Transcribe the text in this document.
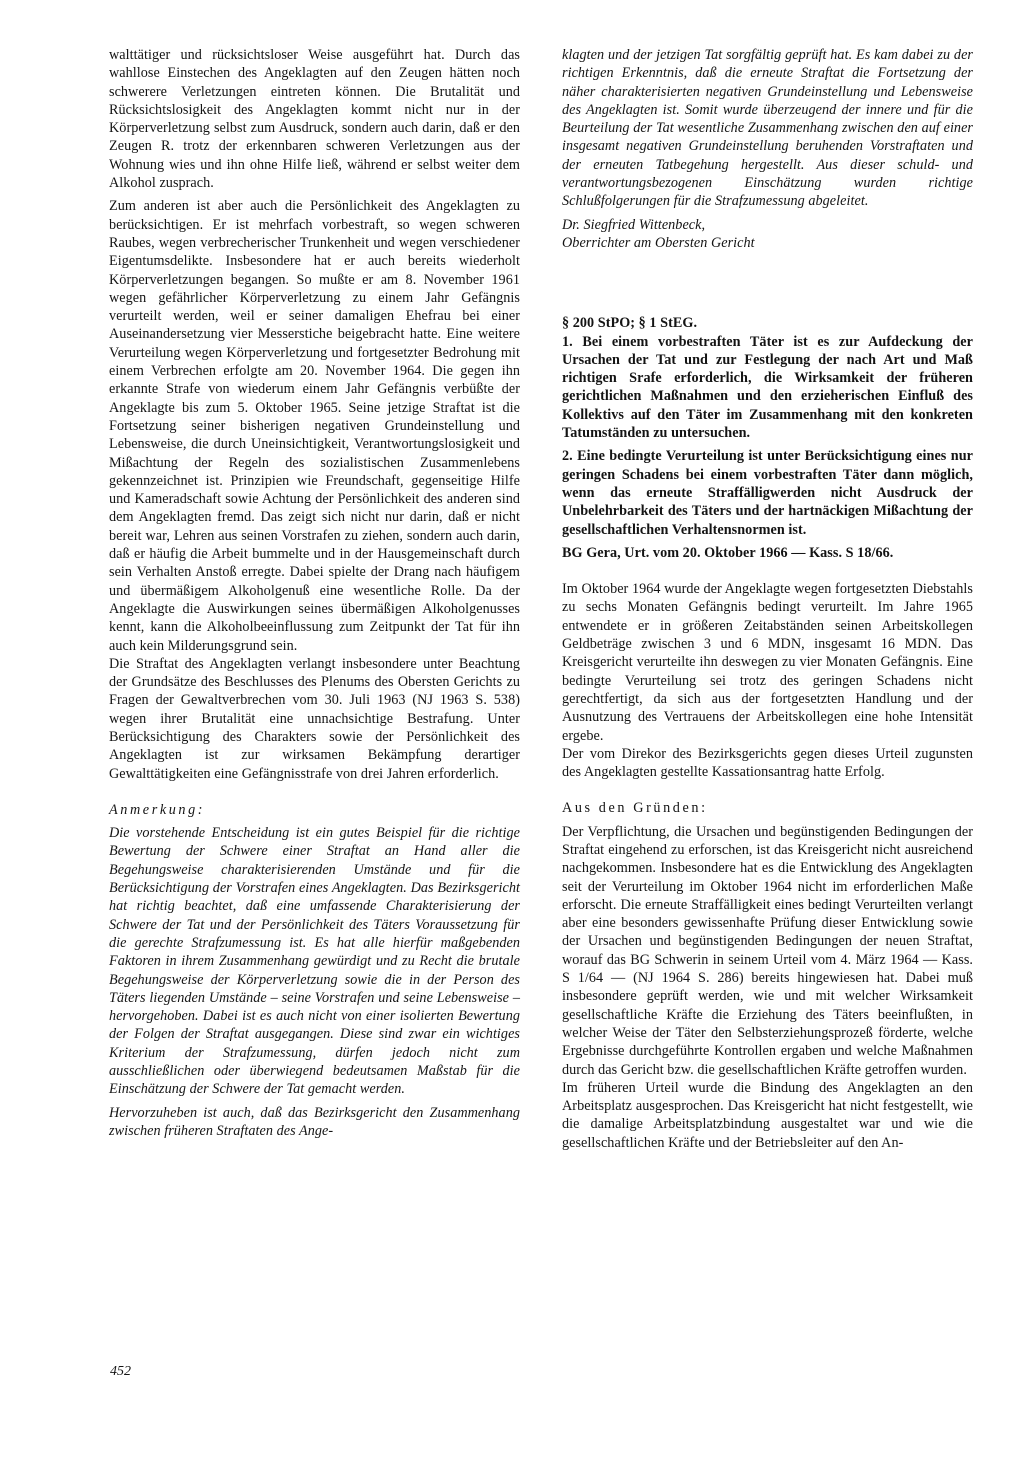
walttätiger und rücksichtsloser Weise ausgeführt hat. Durch das wahllose Einstechen des Angeklagten auf den Zeugen hätten noch schwerere Verletzungen eintreten können. Die Brutalität und Rücksichtslosigkeit des Angeklagten kommt nicht nur in der Körperverletzung selbst zum Ausdruck, sondern auch darin, daß er den Zeugen R. trotz der erkennbaren schweren Verletzungen aus der Wohnung wies und ihn ohne Hilfe ließ, während er selbst weiter dem Alkohol zusprach.

Zum anderen ist aber auch die Persönlichkeit des Angeklagten zu berücksichtigen. Er ist mehrfach vorbestraft, so wegen schweren Raubes, wegen verbrecherischer Trunkenheit und wegen verschiedener Eigentumsdelikte. Insbesondere hat er auch bereits wiederholt Körperverletzungen begangen. So mußte er am 8. November 1961 wegen gefährlicher Körperverletzung zu einem Jahr Gefängnis verurteilt werden, weil er seiner damaligen Ehefrau bei einer Auseinandersetzung vier Messerstiche beigebracht hatte. Eine weitere Verurteilung wegen Körperverletzung und fortgesetzter Bedrohung mit einem Verbrechen erfolgte am 20. November 1964. Die gegen ihn erkannte Strafe von wiederum einem Jahr Gefängnis verbüßte der Angeklagte bis zum 5. Oktober 1965. Seine jetzige Straftat ist die Fortsetzung seiner bisherigen negativen Grundeinstellung und Lebensweise, die durch Uneinsichtigkeit, Verantwortungslosigkeit und Mißachtung der Regeln des sozialistischen Zusammenlebens gekennzeichnet ist. Prinzipien wie Freundschaft, gegenseitige Hilfe und Kameradschaft sowie Achtung der Persönlichkeit des anderen sind dem Angeklagten fremd. Das zeigt sich nicht nur darin, daß er nicht bereit war, Lehren aus seinen Vorstrafen zu ziehen, sondern auch darin, daß er häufig die Arbeit bummelte und in der Hausgemeinschaft durch sein Verhalten Anstoß erregte. Dabei spielte der Drang nach häufigem und übermäßigem Alkoholgenuß eine wesentliche Rolle. Da der Angeklagte die Auswirkungen seines übermäßigen Alkoholgenusses kennt, kann die Alkoholbeeinflussung zum Zeitpunkt der Tat für ihn auch kein Milderungsgrund sein.

Die Straftat des Angeklagten verlangt insbesondere unter Beachtung der Grundsätze des Beschlusses des Plenums des Obersten Gerichts zu Fragen der Gewaltverbrechen vom 30. Juli 1963 (NJ 1963 S. 538) wegen ihrer Brutalität eine unnachsichtige Bestrafung. Unter Berücksichtigung des Charakters sowie der Persönlichkeit des Angeklagten ist zur wirksamen Bekämpfung derartiger Gewalttätigkeiten eine Gefängnisstrafe von drei Jahren erforderlich.

Anmerkung:

Die vorstehende Entscheidung ist ein gutes Beispiel für die richtige Bewertung der Schwere einer Straftat an Hand aller die Begehungsweise charakterisierenden Umstände und für die Berücksichtigung der Vorstrafen eines Angeklagten. Das Bezirksgericht hat richtig beachtet, daß eine umfassende Charakterisierung der Schwere der Tat und der Persönlichkeit des Täters Voraussetzung für die gerechte Strafzumessung ist. Es hat alle hierfür maßgebenden Faktoren in ihrem Zusammenhang gewürdigt und zu Recht die brutale Begehungsweise der Körperverletzung sowie die in der Person des Täters liegenden Umstände – seine Vorstrafen und seine Lebensweise – hervorgehoben. Dabei ist es auch nicht von einer isolierten Bewertung der Folgen der Straftat ausgegangen. Diese sind zwar ein wichtiges Kriterium der Strafzumessung, dürfen jedoch nicht zum ausschließlichen oder überwiegend bedeutsamen Maßstab für die Einschätzung der Schwere der Tat gemacht werden.

Hervorzuheben ist auch, daß das Bezirksgericht den Zusammenhang zwischen früheren Straftaten des Ange-

klagten und der jetzigen Tat sorgfältig geprüft hat. Es kam dabei zu der richtigen Erkenntnis, daß die erneute Straftat die Fortsetzung der näher charakterisierten negativen Grundeinstellung und Lebensweise des Angeklagten ist. Somit wurde überzeugend der innere und für die Beurteilung der Tat wesentliche Zusammenhang zwischen den auf einer insgesamt negativen Grundeinstellung beruhenden Vorstraftaten und der erneuten Tatbegehung hergestellt. Aus dieser schuld- und verantwortungsbezogenen Einschätzung wurden richtige Schlußfolgerungen für die Strafzumessung abgeleitet.

Dr. Siegfried Wittenbeck,

Oberrichter am Obersten Gericht

§ 200 StPO; § 1 StEG.

1. Bei einem vorbestraften Täter ist es zur Aufdeckung der Ursachen der Tat und zur Festlegung der nach Art und Maß richtigen Srafe erforderlich, die Wirksamkeit der früheren gerichtlichen Maßnahmen und den erzieherischen Einfluß des Kollektivs auf den Täter im Zusammenhang mit den konkreten Tatumständen zu untersuchen.

2. Eine bedingte Verurteilung ist unter Berücksichtigung eines nur geringen Schadens bei einem vorbestraften Täter dann möglich, wenn das erneute Straffälligwerden nicht Ausdruck der Unbelehrbarkeit des Täters und der hartnäckigen Mißachtung der gesellschaftlichen Verhaltensnormen ist.

BG Gera, Urt. vom 20. Oktober 1966 — Kass. S 18/66.

Im Oktober 1964 wurde der Angeklagte wegen fortgesetzten Diebstahls zu sechs Monaten Gefängnis bedingt verurteilt. Im Jahre 1965 entwendete er in größeren Zeitabständen seinen Arbeitskollegen Geldbeträge zwischen 3 und 6 MDN, insgesamt 16 MDN. Das Kreisgericht verurteilte ihn deswegen zu vier Monaten Gefängnis. Eine bedingte Verurteilung sei trotz des geringen Schadens nicht gerechtfertigt, da sich aus der fortgesetzten Handlung und der Ausnutzung des Vertrauens der Arbeitskollegen eine hohe Intensität ergebe.

Der vom Direkor des Bezirksgerichts gegen dieses Urteil zugunsten des Angeklagten gestellte Kassationsantrag hatte Erfolg.

Aus den Gründen:

Der Verpflichtung, die Ursachen und begünstigenden Bedingungen der Straftat eingehend zu erforschen, ist das Kreisgericht nicht ausreichend nachgekommen. Insbesondere hat es die Entwicklung des Angeklagten seit der Verurteilung im Oktober 1964 nicht im erforderlichen Maße erforscht. Die erneute Straffälligkeit eines bedingt Verurteilten verlangt aber eine besonders gewissenhafte Prüfung dieser Entwicklung sowie der Ursachen und begünstigenden Bedingungen der neuen Straftat, worauf das BG Schwerin in seinem Urteil vom 4. März 1964 — Kass. S 1/64 — (NJ 1964 S. 286) bereits hingewiesen hat. Dabei muß insbesondere geprüft werden, wie und mit welcher Wirksamkeit gesellschaftliche Kräfte die Erziehung des Täters beeinflußten, in welcher Weise der Täter den Selbsterziehungsprozeß förderte, welche Ergebnisse durchgeführte Kontrollen ergaben und welche Maßnahmen durch das Gericht bzw. die gesellschaftlichen Kräfte getroffen wurden.

Im früheren Urteil wurde die Bindung des Angeklagten an den Arbeitsplatz ausgesprochen. Das Kreisgericht hat nicht festgestellt, wie die damalige Arbeitsplatzbindung ausgestaltet war und wie die gesellschaftlichen Kräfte und der Betriebsleiter auf den An-

452
